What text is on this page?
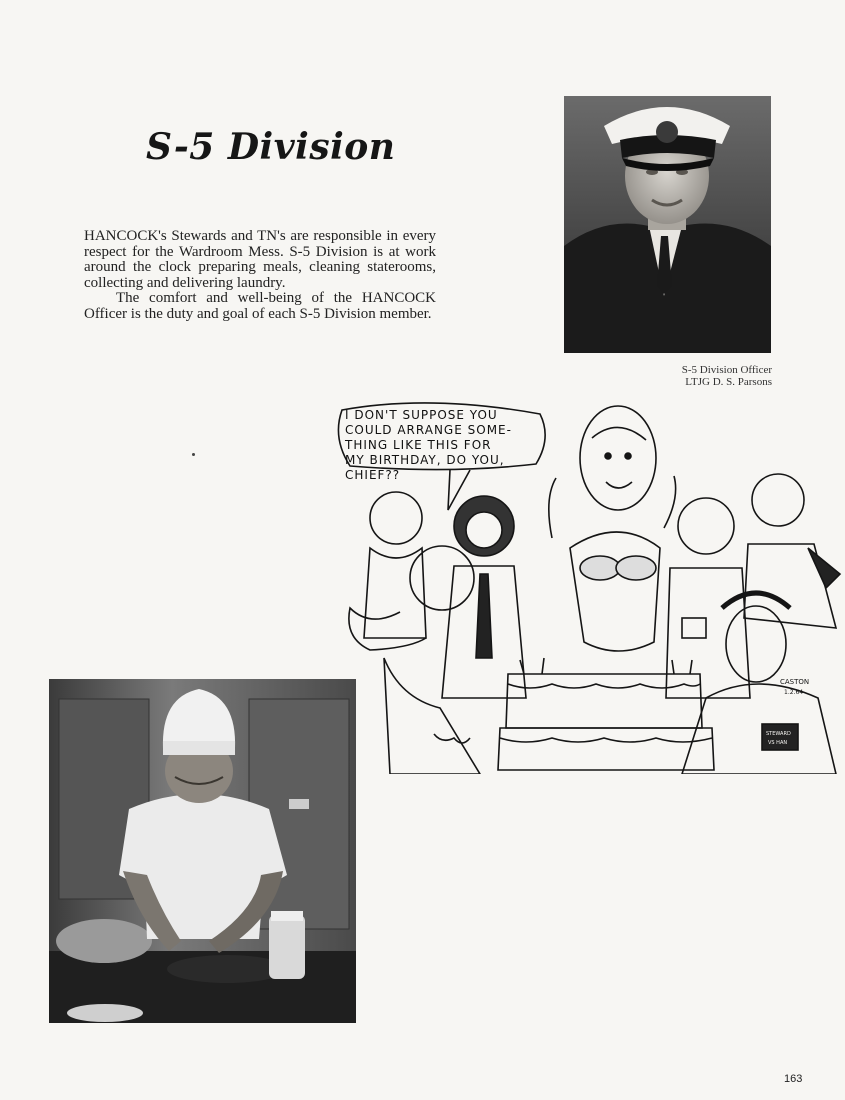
S-5 Division

HANCOCK's Stewards and TN's are responsible in every respect for the Wardroom Mess. S-5 Division is at work around the clock preparing meals, cleaning staterooms, collecting and delivering laundry.

The comfort and well-being of the HANCOCK Officer is the duty and goal of each S-5 Division member.

S-5 Division Officer
LTJG D. S. Parsons
CASTON
1.2.64
STEWARD
VS HAN
I DON'T SUPPOSE YOU
COULD ARRANGE SOME-
THING LIKE THIS FOR
MY BIRTHDAY, DO YOU,
CHIEF??
163
